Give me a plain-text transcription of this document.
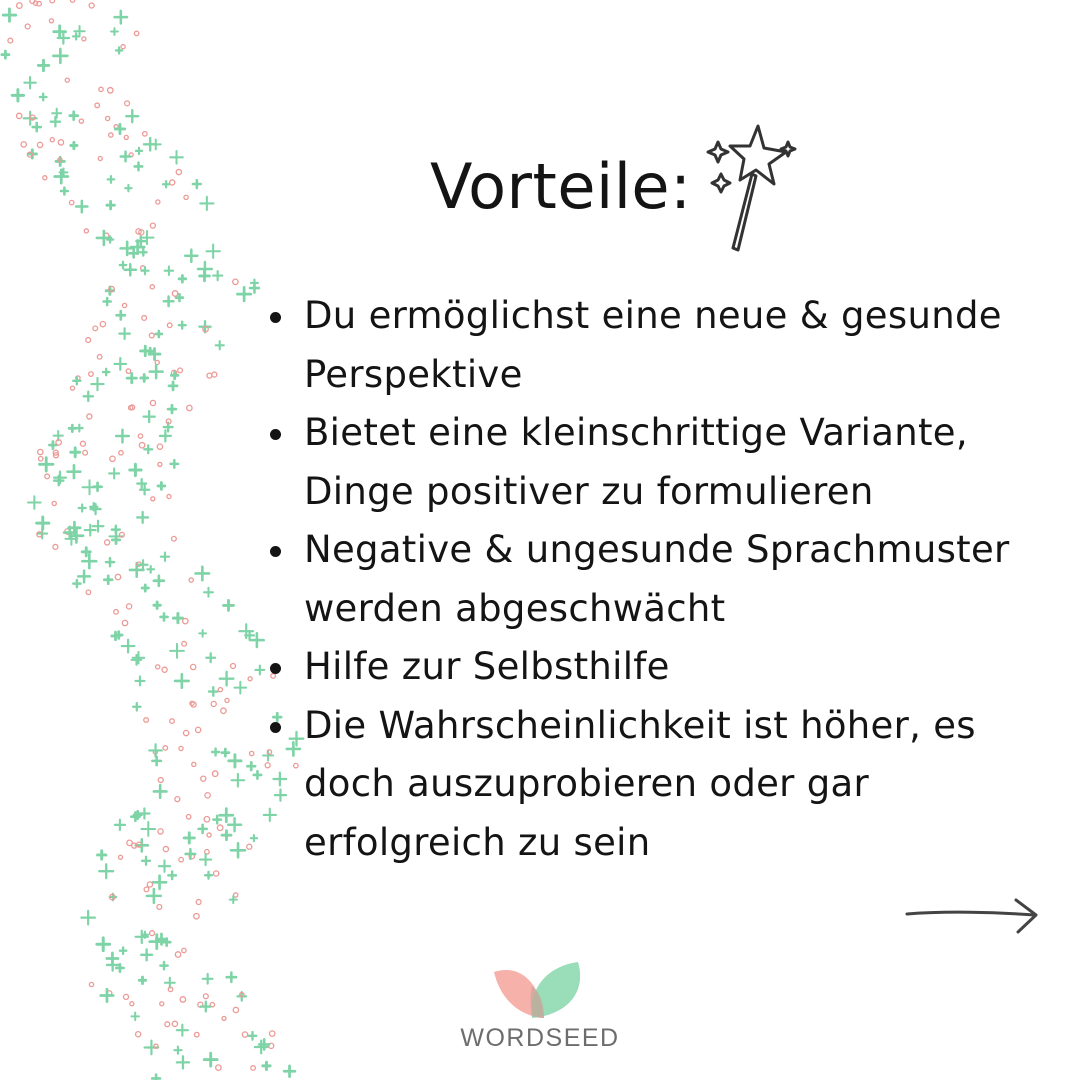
Vorteile:
Du ermöglichst eine neue & gesunde Perspektive
Bietet eine kleinschrittige Variante, Dinge positiver zu formulieren
Negative & ungesunde Sprachmuster werden abgeschwächt
Hilfe zur Selbsthilfe
Die Wahrscheinlichkeit ist höher, es doch auszuprobieren oder gar erfolgreich zu sein
WORDSEED
